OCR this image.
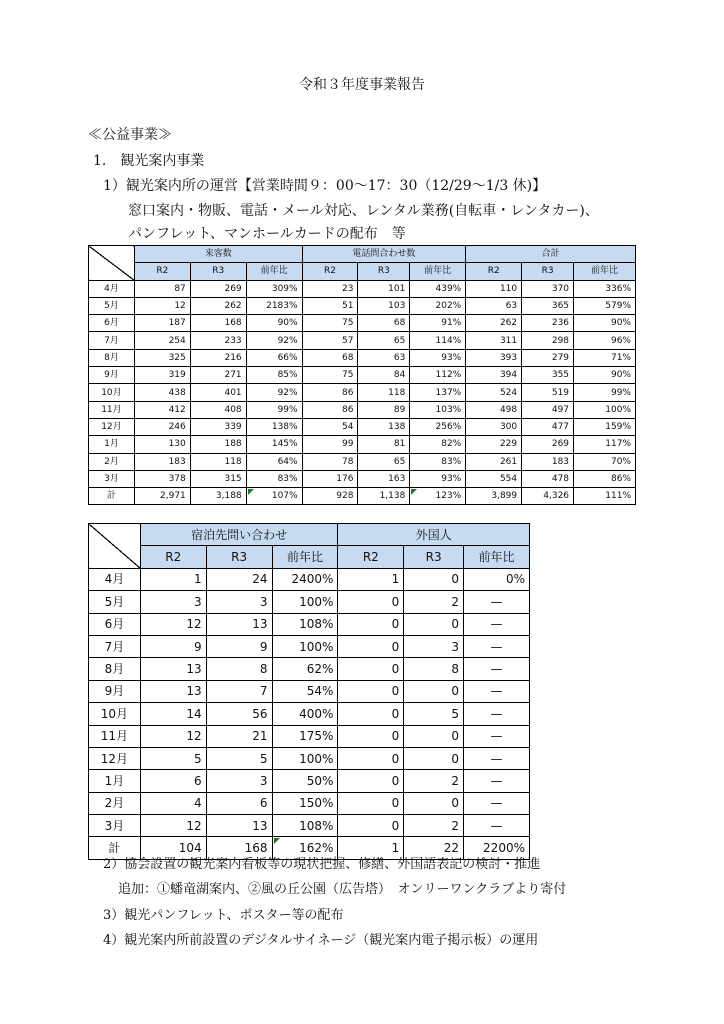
令和３年度事業報告
≪公益事業≫
1.　観光案内事業
1）観光案内所の運営【営業時間９：00〜17：30（12/29〜1/3 休)】
窓口案内・物販、電話・メール対応、レンタル業務(自転車・レンタカー)、
パンフレット、マンホールカードの配布　等
	来客数			電話問合わせ数			合計		
	R2	R3	前年比	R2	R3	前年比	R2	R3	前年比
4月	87	269	309%	23	101	439%	110	370	336%
5月	12	262	2183%	51	103	202%	63	365	579%
6月	187	168	90%	75	68	91%	262	236	90%
7月	254	233	92%	57	65	114%	311	298	96%
8月	325	216	66%	68	63	93%	393	279	71%
9月	319	271	85%	75	84	112%	394	355	90%
10月	438	401	92%	86	118	137%	524	519	99%
11月	412	408	99%	86	89	103%	498	497	100%
12月	246	339	138%	54	138	256%	300	477	159%
1月	130	188	145%	99	81	82%	229	269	117%
2月	183	118	64%	78	65	83%	261	183	70%
3月	378	315	83%	176	163	93%	554	478	86%
計	2,971	3,188	107%	928	1,138	123%	3,899	4,326	111%
	宿泊先問い合わせ			外国人		
	R2	R3	前年比	R2	R3	前年比
4月	1	24	2400%	1	0	0%
5月	3	3	100%	0	2	—
6月	12	13	108%	0	0	—
7月	9	9	100%	0	3	—
8月	13	8	62%	0	8	—
9月	13	7	54%	0	0	—
10月	14	56	400%	0	5	—
11月	12	21	175%	0	0	—
12月	5	5	100%	0	0	—
1月	6	3	50%	0	2	—
2月	4	6	150%	0	0	—
3月	12	13	108%	0	2	—
計	104	168	162%	1	22	2200%
2）協会設置の観光案内看板等の現状把握、修繕、外国語表記の検討・推進
追加：①蟠竜湖案内、②風の丘公園（広告塔）　オンリーワンクラブより寄付
3）観光パンフレット、ポスター等の配布
4）観光案内所前設置のデジタルサイネージ（観光案内電子掲示板）の運用
